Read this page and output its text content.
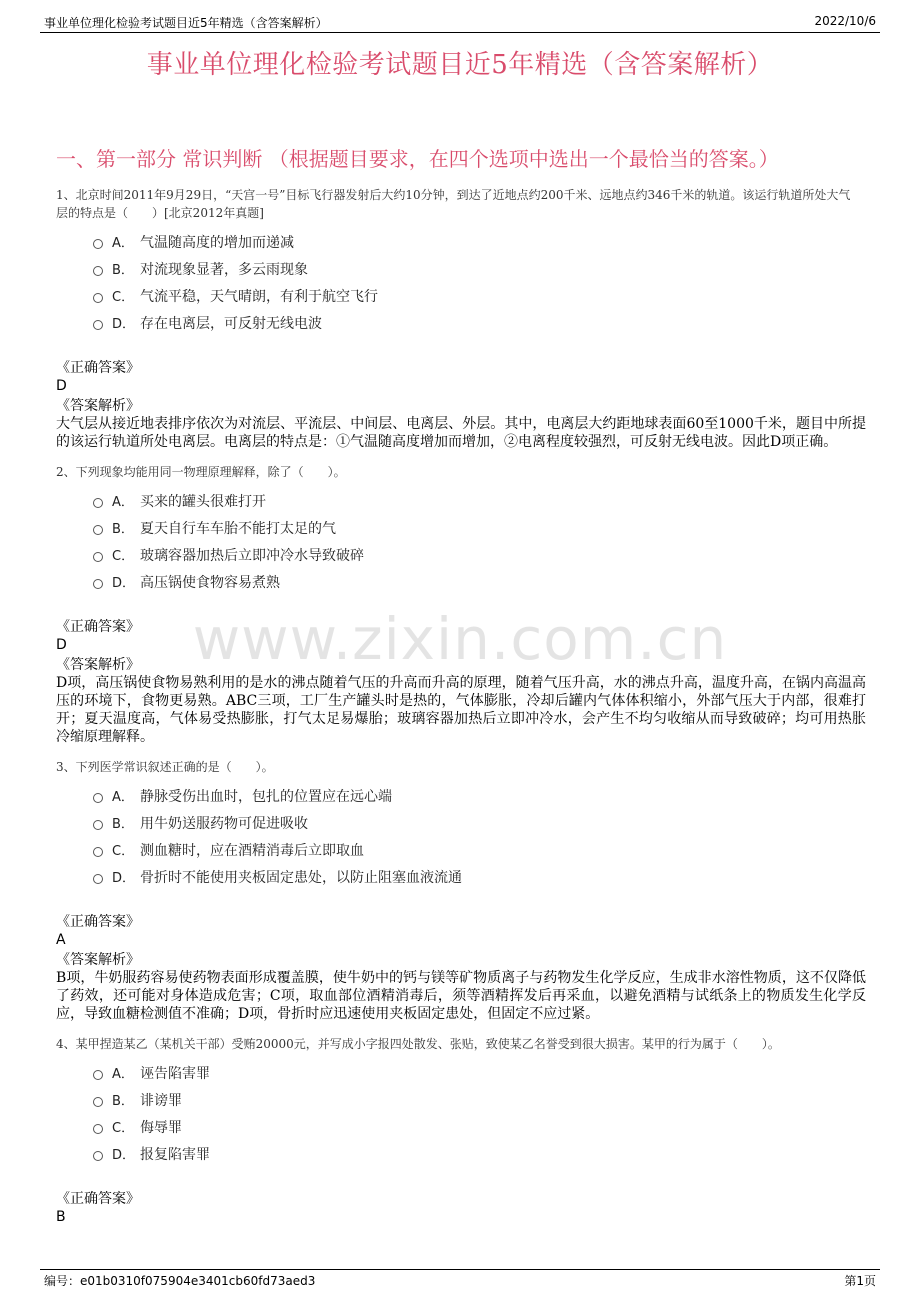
事业单位理化检验考试题目近5年精选（含答案解析）	2022/10/6
事业单位理化检验考试题目近5年精选（含答案解析）
一、第一部分 常识判断 （根据题目要求，在四个选项中选出一个最恰当的答案。）
www.zixin.com.cn
1、北京时间2011年9月29日，“天宫一号”目标飞行器发射后大约10分钟，到达了近地点约200千米、远地点约346千米的轨道。该运行轨道所处大气层的特点是（　　）[北京2012年真题]
A． 气温随高度的增加而递减
B． 对流现象显著，多云雨现象
C． 气流平稳，天气晴朗，有利于航空飞行
D． 存在电离层，可反射无线电波
《正确答案》
D
《答案解析》
大气层从接近地表排序依次为对流层、平流层、中间层、电离层、外层。其中，电离层大约距地球表面60至1000千米，题目中所提的该运行轨道所处电离层。电离层的特点是：①气温随高度增加而增加，②电离程度较强烈，可反射无线电波。因此D项正确。
2、下列现象均能用同一物理原理解释，除了（　　）。
A． 买来的罐头很难打开
B． 夏天自行车车胎不能打太足的气
C． 玻璃容器加热后立即冲冷水导致破碎
D． 高压锅使食物容易煮熟
《正确答案》
D
《答案解析》
D项，高压锅使食物易熟利用的是水的沸点随着气压的升高而升高的原理，随着气压升高，水的沸点升高，温度升高，在锅内高温高压的环境下，食物更易熟。ABC三项，工厂生产罐头时是热的，气体膨胀，冷却后罐内气体体积缩小，外部气压大于内部，很难打开；夏天温度高，气体易受热膨胀，打气太足易爆胎；玻璃容器加热后立即冲冷水，会产生不均匀收缩从而导致破碎；均可用热胀冷缩原理解释。
3、下列医学常识叙述正确的是（　　）。
A． 静脉受伤出血时，包扎的位置应在远心端
B． 用牛奶送服药物可促进吸收
C． 测血糖时，应在酒精消毒后立即取血
D． 骨折时不能使用夹板固定患处，以防止阻塞血液流通
《正确答案》
A
《答案解析》
B项，牛奶服药容易使药物表面形成覆盖膜，使牛奶中的钙与镁等矿物质离子与药物发生化学反应，生成非水溶性物质，这不仅降低了药效，还可能对身体造成危害；C项，取血部位酒精消毒后，须等酒精挥发后再采血，以避免酒精与试纸条上的物质发生化学反应，导致血糖检测值不准确；D项，骨折时应迅速使用夹板固定患处，但固定不应过紧。
4、某甲捏造某乙（某机关干部）受贿20000元，并写成小字报四处散发、张贴，致使某乙名誉受到很大损害。某甲的行为属于（　　）。
A． 诬告陷害罪
B． 诽谤罪
C． 侮辱罪
D． 报复陷害罪
《正确答案》
B
编号：e01b0310f075904e3401cb60fd73aed3	第1页
